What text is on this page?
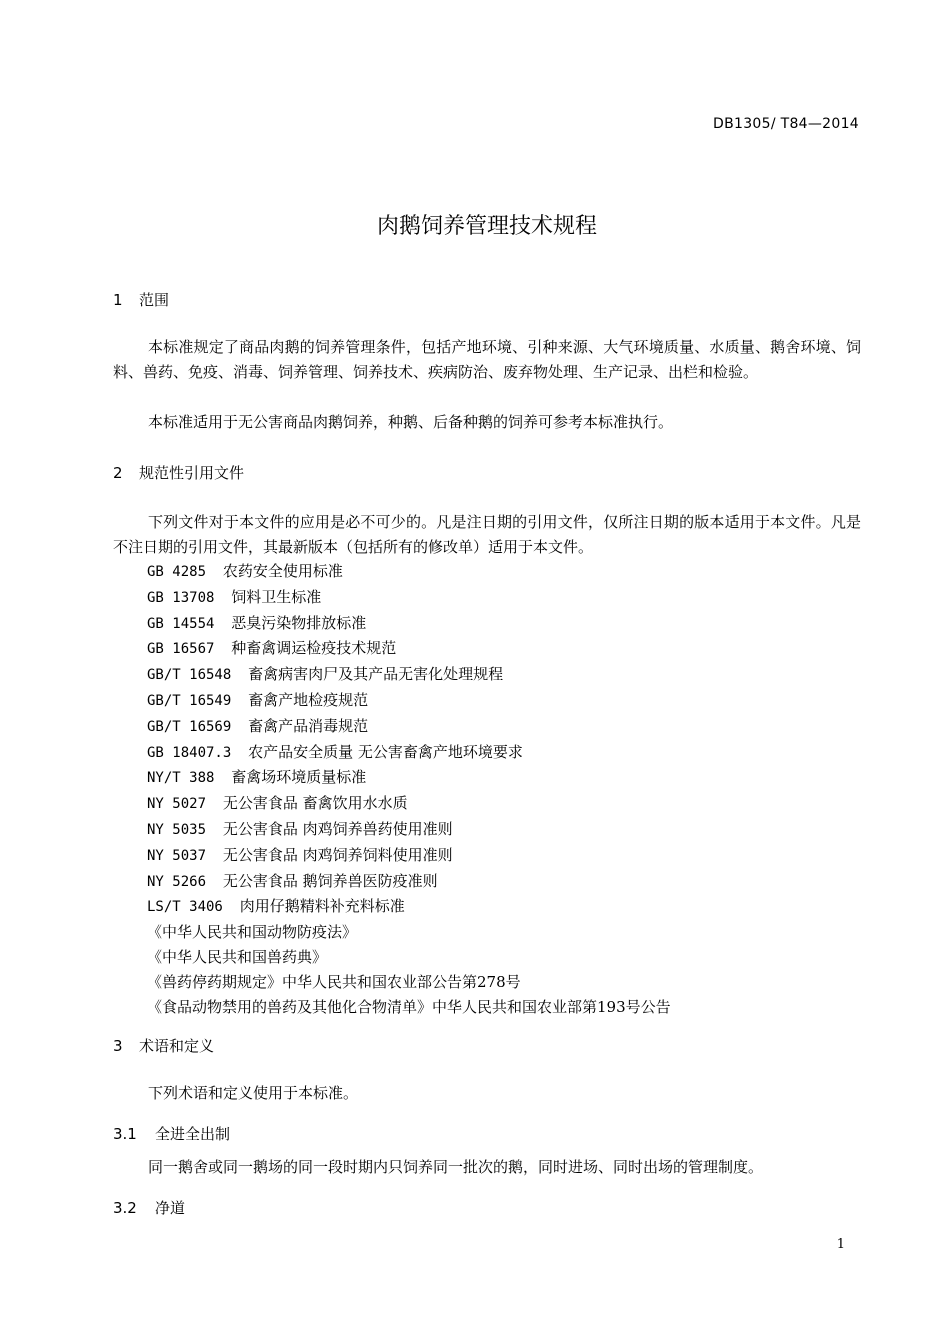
DB1305/ T84—2014
肉鹅饲养管理技术规程
1 范围
本标准规定了商品肉鹅的饲养管理条件，包括产地环境、引种来源、大气环境质量、水质量、鹅舍环境、饲料、兽药、免疫、消毒、饲养管理、饲养技术、疾病防治、废弃物处理、生产记录、出栏和检验。
本标准适用于无公害商品肉鹅饲养，种鹅、后备种鹅的饲养可参考本标准执行。
2 规范性引用文件
下列文件对于本文件的应用是必不可少的。凡是注日期的引用文件，仅所注日期的版本适用于本文件。凡是不注日期的引用文件，其最新版本（包括所有的修改单）适用于本文件。
GB 4285 农药安全使用标准
GB 13708 饲料卫生标准
GB 14554 恶臭污染物排放标准
GB 16567 种畜禽调运检疫技术规范
GB/T 16548 畜禽病害肉尸及其产品无害化处理规程
GB/T 16549 畜禽产地检疫规范
GB/T 16569 畜禽产品消毒规范
GB 18407.3 农产品安全质量 无公害畜禽产地环境要求
NY/T 388 畜禽场环境质量标准
NY 5027 无公害食品 畜禽饮用水水质
NY 5035 无公害食品 肉鸡饲养兽药使用准则
NY 5037 无公害食品 肉鸡饲养饲料使用准则
NY 5266 无公害食品 鹅饲养兽医防疫准则
LS/T 3406 肉用仔鹅精料补充料标准
《中华人民共和国动物防疫法》
《中华人民共和国兽药典》
《兽药停药期规定》中华人民共和国农业部公告第278号
《食品动物禁用的兽药及其他化合物清单》中华人民共和国农业部第193号公告
3 术语和定义
下列术语和定义使用于本标准。
3.1 全进全出制
同一鹅舍或同一鹅场的同一段时期内只饲养同一批次的鹅，同时进场、同时出场的管理制度。
3.2 净道
1
